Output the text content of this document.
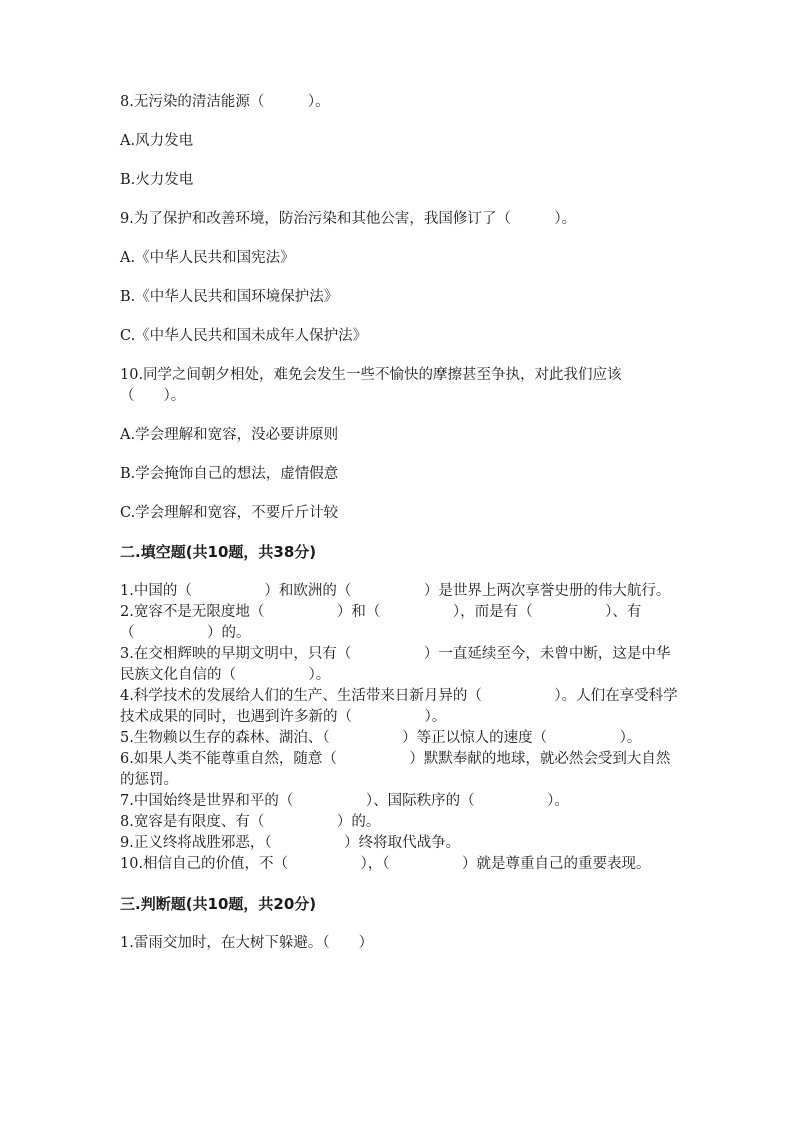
8.无污染的清洁能源（　　　）。

A.风力发电

B.火力发电

9.为了保护和改善环境，防治污染和其他公害，我国修订了（　　　）。

A.《中华人民共和国宪法》

B.《中华人民共和国环境保护法》

C.《中华人民共和国未成年人保护法》

10.同学之间朝夕相处，难免会发生一些不愉快的摩擦甚至争执，对此我们应该（　　）。

A.学会理解和宽容，没必要讲原则

B.学会掩饰自己的想法，虚情假意

C.学会理解和宽容，不要斤斤计较

二.填空题(共10题，共38分)

1.中国的（　　　　　）和欧洲的（　　　　　）是世界上两次享誉史册的伟大航行。

2.宽容不是无限度地（　　　　　）和（　　　　　），而是有（　　　　　）、有（　　　　　）的。

3.在交相辉映的早期文明中，只有（　　　　　）一直延续至今，未曾中断，这是中华民族文化自信的（　　　　　）。

4.科学技术的发展给人们的生产、生活带来日新月异的（　　　　　）。人们在享受科学技术成果的同时，也遇到许多新的（　　　　　）。

5.生物赖以生存的森林、湖泊、（　　　　　）等正以惊人的速度（　　　　　）。

6.如果人类不能尊重自然，随意（　　　　　）默默奉献的地球，就必然会受到大自然的惩罚。

7.中国始终是世界和平的（　　　　　）、国际秩序的（　　　　　）。

8.宽容是有限度、有（　　　　　）的。

9.正义终将战胜邪恶，（　　　　　）终将取代战争。

10.相信自己的价值，不（　　　　　），（　　　　　）就是尊重自己的重要表现。

三.判断题(共10题，共20分)

1.雷雨交加时，在大树下躲避。（　　）
